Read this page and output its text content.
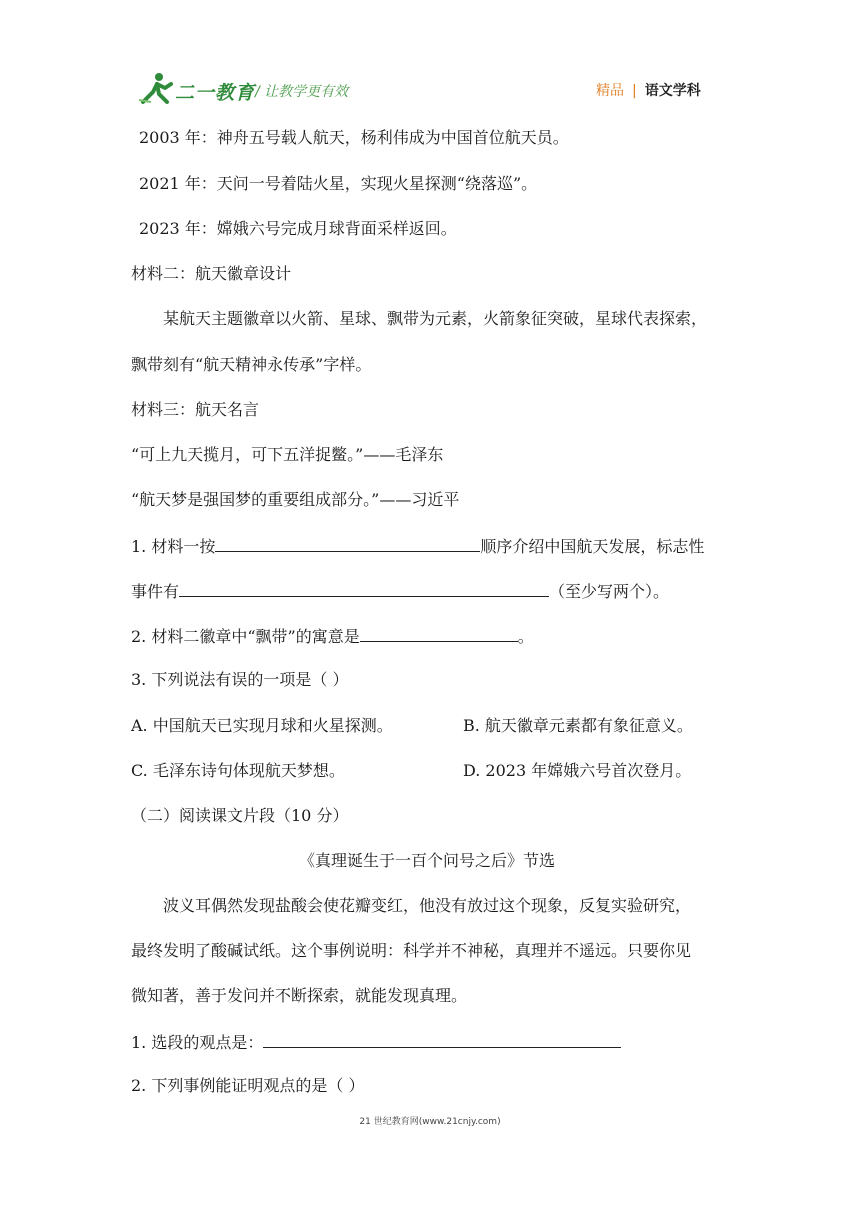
二一教育 / 让教学更有效	精品 | 语文学科
2003 年：神舟五号载人航天，杨利伟成为中国首位航天员。
2021 年：天问一号着陆火星，实现火星探测“绕落巡”。
2023 年：嫦娥六号完成月球背面采样返回。
材料二：航天徽章设计
某航天主题徽章以火箭、星球、飘带为元素，火箭象征突破，星球代表探索，
飘带刻有“航天精神永传承”字样。
材料三：航天名言
“可上九天揽月，可下五洋捉鳖。”——毛泽东
“航天梦是强国梦的重要组成部分。”——习近平
1. 材料一按	顺序介绍中国航天发展，标志性
事件有	（至少写两个）。
2. 材料二徽章中“飘带”的寓意是	。
3. 下列说法有误的一项是（ ）
A. 中国航天已实现月球和火星探测。	B. 航天徽章元素都有象征意义。
C. 毛泽东诗句体现航天梦想。	D. 2023 年嫦娥六号首次登月。
（二）阅读课文片段（10 分）
《真理诞生于一百个问号之后》节选
波义耳偶然发现盐酸会使花瓣变红，他没有放过这个现象，反复实验研究，
最终发明了酸碱试纸。这个事例说明：科学并不神秘，真理并不遥远。只要你见
微知著，善于发问并不断探索，就能发现真理。
1. 选段的观点是：
2. 下列事例能证明观点的是（ ）
21 世纪教育网(www.21cnjy.com)
